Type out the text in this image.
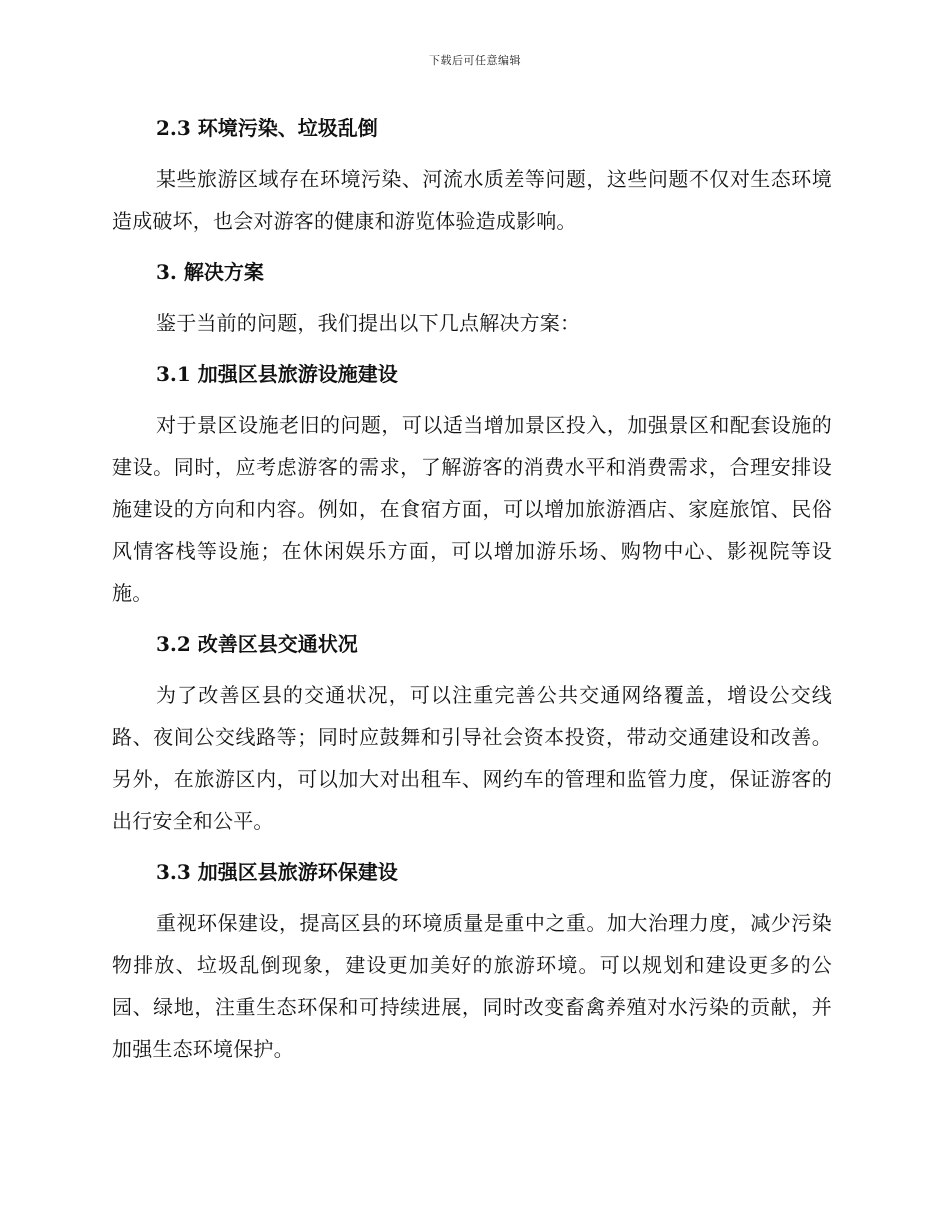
下载后可任意编辑
2.3 环境污染、垃圾乱倒
某些旅游区域存在环境污染、河流水质差等问题，这些问题不仅对生态环境造成破坏，也会对游客的健康和游览体验造成影响。
3. 解决方案
鉴于当前的问题，我们提出以下几点解决方案：
3.1 加强区县旅游设施建设
对于景区设施老旧的问题，可以适当增加景区投入，加强景区和配套设施的建设。同时，应考虑游客的需求，了解游客的消费水平和消费需求，合理安排设施建设的方向和内容。例如，在食宿方面，可以增加旅游酒店、家庭旅馆、民俗风情客栈等设施；在休闲娱乐方面，可以增加游乐场、购物中心、影视院等设施。
3.2 改善区县交通状况
为了改善区县的交通状况，可以注重完善公共交通网络覆盖，增设公交线路、夜间公交线路等；同时应鼓舞和引导社会资本投资，带动交通建设和改善。另外，在旅游区内，可以加大对出租车、网约车的管理和监管力度，保证游客的出行安全和公平。
3.3 加强区县旅游环保建设
重视环保建设，提高区县的环境质量是重中之重。加大治理力度，减少污染物排放、垃圾乱倒现象，建设更加美好的旅游环境。可以规划和建设更多的公园、绿地，注重生态环保和可持续进展，同时改变畜禽养殖对水污染的贡献，并加强生态环境保护。
